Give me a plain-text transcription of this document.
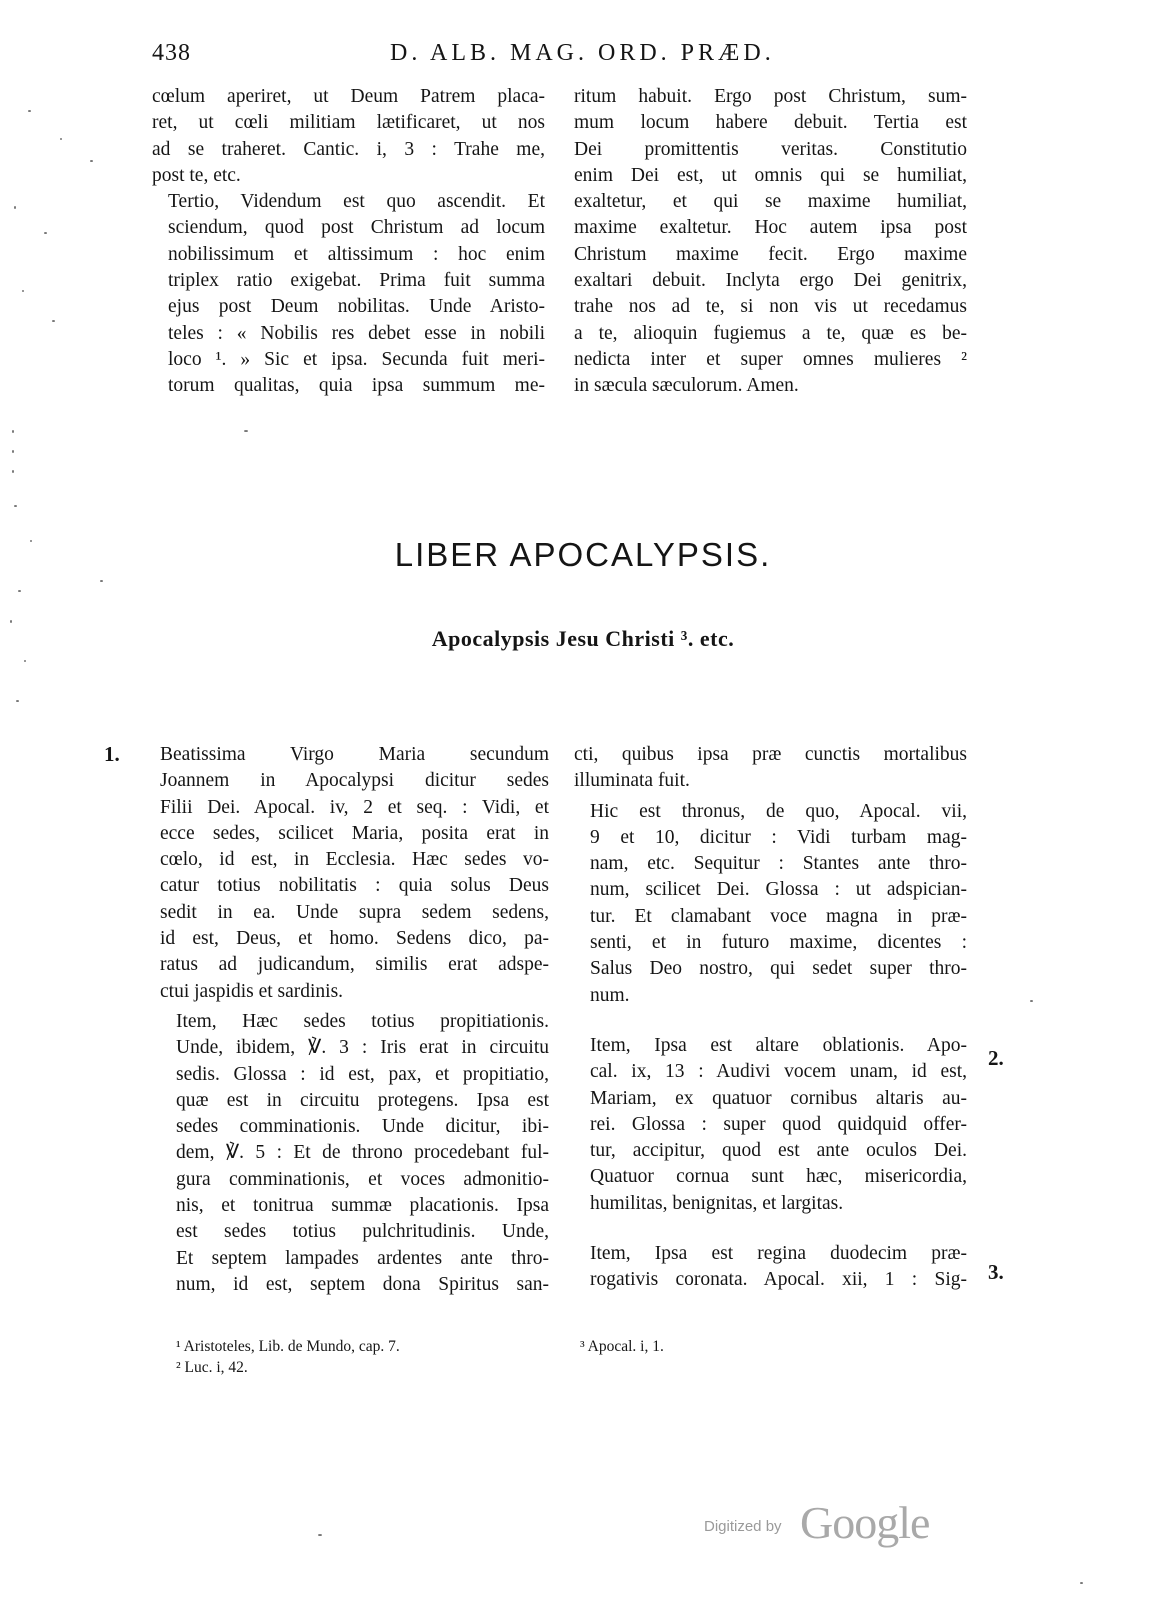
438	D. ALB. MAG. ORD. PRÆD.

cœlum aperiret, ut Deum Patrem placa-
ret, ut cœli militiam lætificaret, ut nos
ad se traheret. Cantic. i, 3 : Trahe me,
post te, etc.

Tertio, Videndum est quo ascendit. Et
sciendum, quod post Christum ad locum
nobilissimum et altissimum : hoc enim
triplex ratio exigebat. Prima fuit summa
ejus post Deum nobilitas. Unde Aristo-
teles : « Nobilis res debet esse in nobili
loco ¹. » Sic et ipsa. Secunda fuit meri-
torum qualitas, quia ipsa summum me-

ritum habuit. Ergo post Christum, sum-
mum locum habere debuit. Tertia est
Dei promittentis veritas. Constitutio
enim Dei est, ut omnis qui se humiliat,
exaltetur, et qui se maxime humiliat,
maxime exaltetur. Hoc autem ipsa post
Christum maxime fecit. Ergo maxime
exaltari debuit. Inclyta ergo Dei genitrix,
trahe nos ad te, si non vis ut recedamus
a te, alioquin fugiemus a te, quæ es be-
nedicta inter et super omnes mulieres ²
in sæcula sæculorum. Amen.

LIBER APOCALYPSIS.
Apocalypsis Jesu Christi ³. etc.
1.
2.
3.

Beatissima Virgo Maria secundum
Joannem in Apocalypsi dicitur sedes
Filii Dei. Apocal. iv, 2 et seq. : Vidi, et
ecce sedes, scilicet Maria, posita erat in
cœlo, id est, in Ecclesia. Hæc sedes vo-
catur totius nobilitatis : quia solus Deus
sedit in ea. Unde supra sedem sedens,
id est, Deus, et homo. Sedens dico, pa-
ratus ad judicandum, similis erat adspe-
ctui jaspidis et sardinis.

Item, Hæc sedes totius propitiationis.
Unde, ibidem, ℣. 3 : Iris erat in circuitu
sedis. Glossa : id est, pax, et propitiatio,
quæ est in circuitu protegens. Ipsa est
sedes comminationis. Unde dicitur, ibi-
dem, ℣. 5 : Et de throno procedebant ful-
gura comminationis, et voces admonitio-
nis, et tonitrua summæ placationis. Ipsa
est sedes totius pulchritudinis. Unde,
Et septem lampades ardentes ante thro-
num, id est, septem dona Spiritus san-

cti, quibus ipsa præ cunctis mortalibus
illuminata fuit.

Hic est thronus, de quo, Apocal. vii,
9 et 10, dicitur : Vidi turbam mag-
nam, etc. Sequitur : Stantes ante thro-
num, scilicet Dei. Glossa : ut adspician-
tur. Et clamabant voce magna in præ-
senti, et in futuro maxime, dicentes :
Salus Deo nostro, qui sedet super thro-
num.

Item, Ipsa est altare oblationis. Apo-
cal. ix, 13 : Audivi vocem unam, id est,
Mariam, ex quatuor cornibus altaris au-
rei. Glossa : super quod quidquid offer-
tur, accipitur, quod est ante oculos Dei.
Quatuor cornua sunt hæc, misericordia,
humilitas, benignitas, et largitas.

Item, Ipsa est regina duodecim præ-
rogativis coronata. Apocal. xii, 1 : Sig-

¹ Aristoteles, Lib. de Mundo, cap. 7.
² Luc. i, 42.
³ Apocal. i, 1.
Digitized by Google
